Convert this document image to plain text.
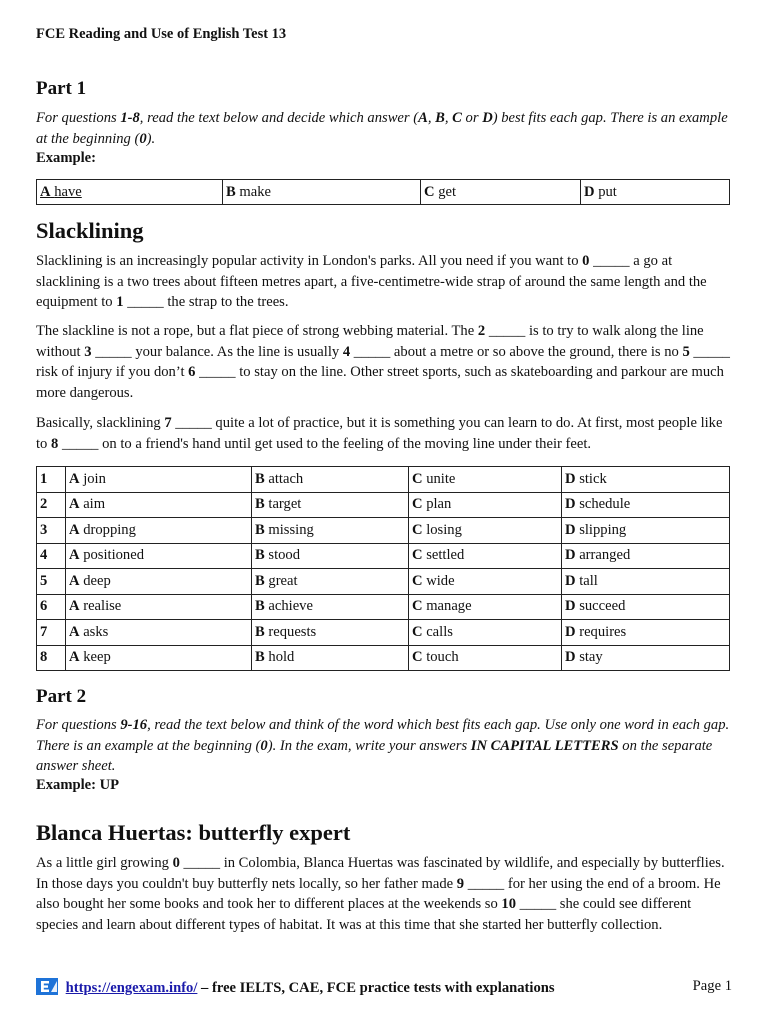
FCE Reading and Use of English Test 13
Part 1

For questions 1-8, read the text below and decide which answer (A, B, C or D) best fits each gap. There is an example at the beginning (0).

Example:
A have	B make	C get	D put
Slacklining

Slacklining is an increasingly popular activity in London's parks. All you need if you want to 0 _____ a go at slacklining is a two trees about fifteen metres apart, a five-centimetre-wide strap of around the same length and the equipment to 1 _____ the strap to the trees.

The slackline is not a rope, but a flat piece of strong webbing material. The 2 _____ is to try to walk along the line without 3 _____ your balance. As the line is usually 4 _____ about a metre or so above the ground, there is no 5 _____ risk of injury if you don’t 6 _____ to stay on the line. Other street sports, such as skateboarding and parkour are much more dangerous.

Basically, slacklining 7 _____ quite a lot of practice, but it is something you can learn to do. At first, most people like to 8 _____ on to a friend's hand until get used to the feeling of the moving line under their feet.

1	A join	B attach	C unite	D stick
2	A aim	B target	C plan	D schedule
3	A dropping	B missing	C losing	D slipping
4	A positioned	B stood	C settled	D arranged
5	A deep	B great	C wide	D tall
6	A realise	B achieve	C manage	D succeed
7	A asks	B requests	C calls	D requires
8	A keep	B hold	C touch	D stay
Part 2

For questions 9-16, read the text below and think of the word which best fits each gap. Use only one word in each gap. There is an example at the beginning (0). In the exam, write your answers IN CAPITAL LETTERS on the separate answer sheet.

Example: UP
Blanca Huertas: butterfly expert

As a little girl growing 0 _____ in Colombia, Blanca Huertas was fascinated by wildlife, and especially by butterflies. In those days you couldn't buy butterfly nets locally, so her father made 9 _____ for her using the end of a broom. He also bought her some books and took her to different places at the weekends so 10 _____ she could see different species and learn about different types of habitat. It was at this time that she started her butterfly collection.

https://engexam.info/ – free IELTS, CAE, FCE practice tests with explanations	Page 1
